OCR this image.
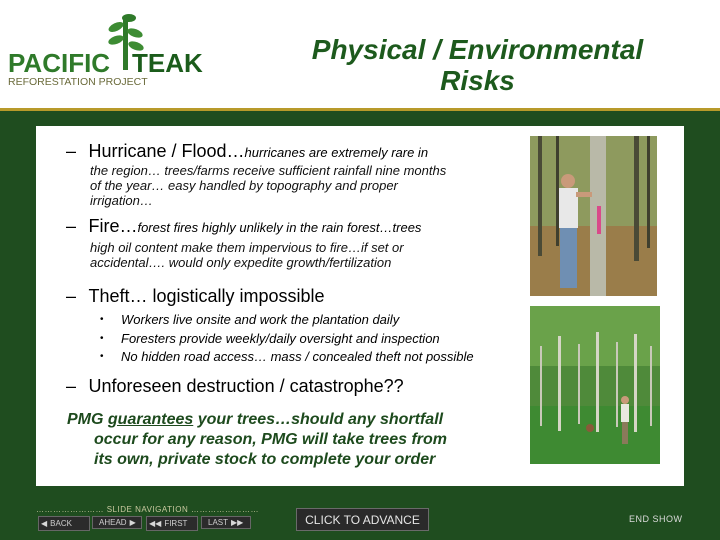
PACIFIC TEAK
REFORESTATION PROJECT
Physical / Environmental
Risks
– Hurricane / Flood…hurricanes are extremely rare in
the region… trees/farms receive sufficient rainfall nine months
of the year… easy handled by topography and proper
irrigation…
– Fire…forest fires highly unlikely in the rain forest…trees
high oil content make them impervious to fire…if set or
accidental…. would only expedite growth/fertilization
– Theft… logistically impossible
•	Workers live onsite and work the plantation daily
•	Foresters provide weekly/daily oversight and inspection
•	No hidden road access… mass / concealed theft not possible
– Unforeseen destruction / catastrophe??
PMG guarantees your trees…should any shortfall
occur for any reason, PMG will take trees from
its own, private stock to complete your order
…………………… SLIDE NAVIGATION ……………………
◀ BACK	AHEAD ▶ ◀◀ FIRST	LAST ▶▶	CLICK TO ADVANCE	END SHOW
